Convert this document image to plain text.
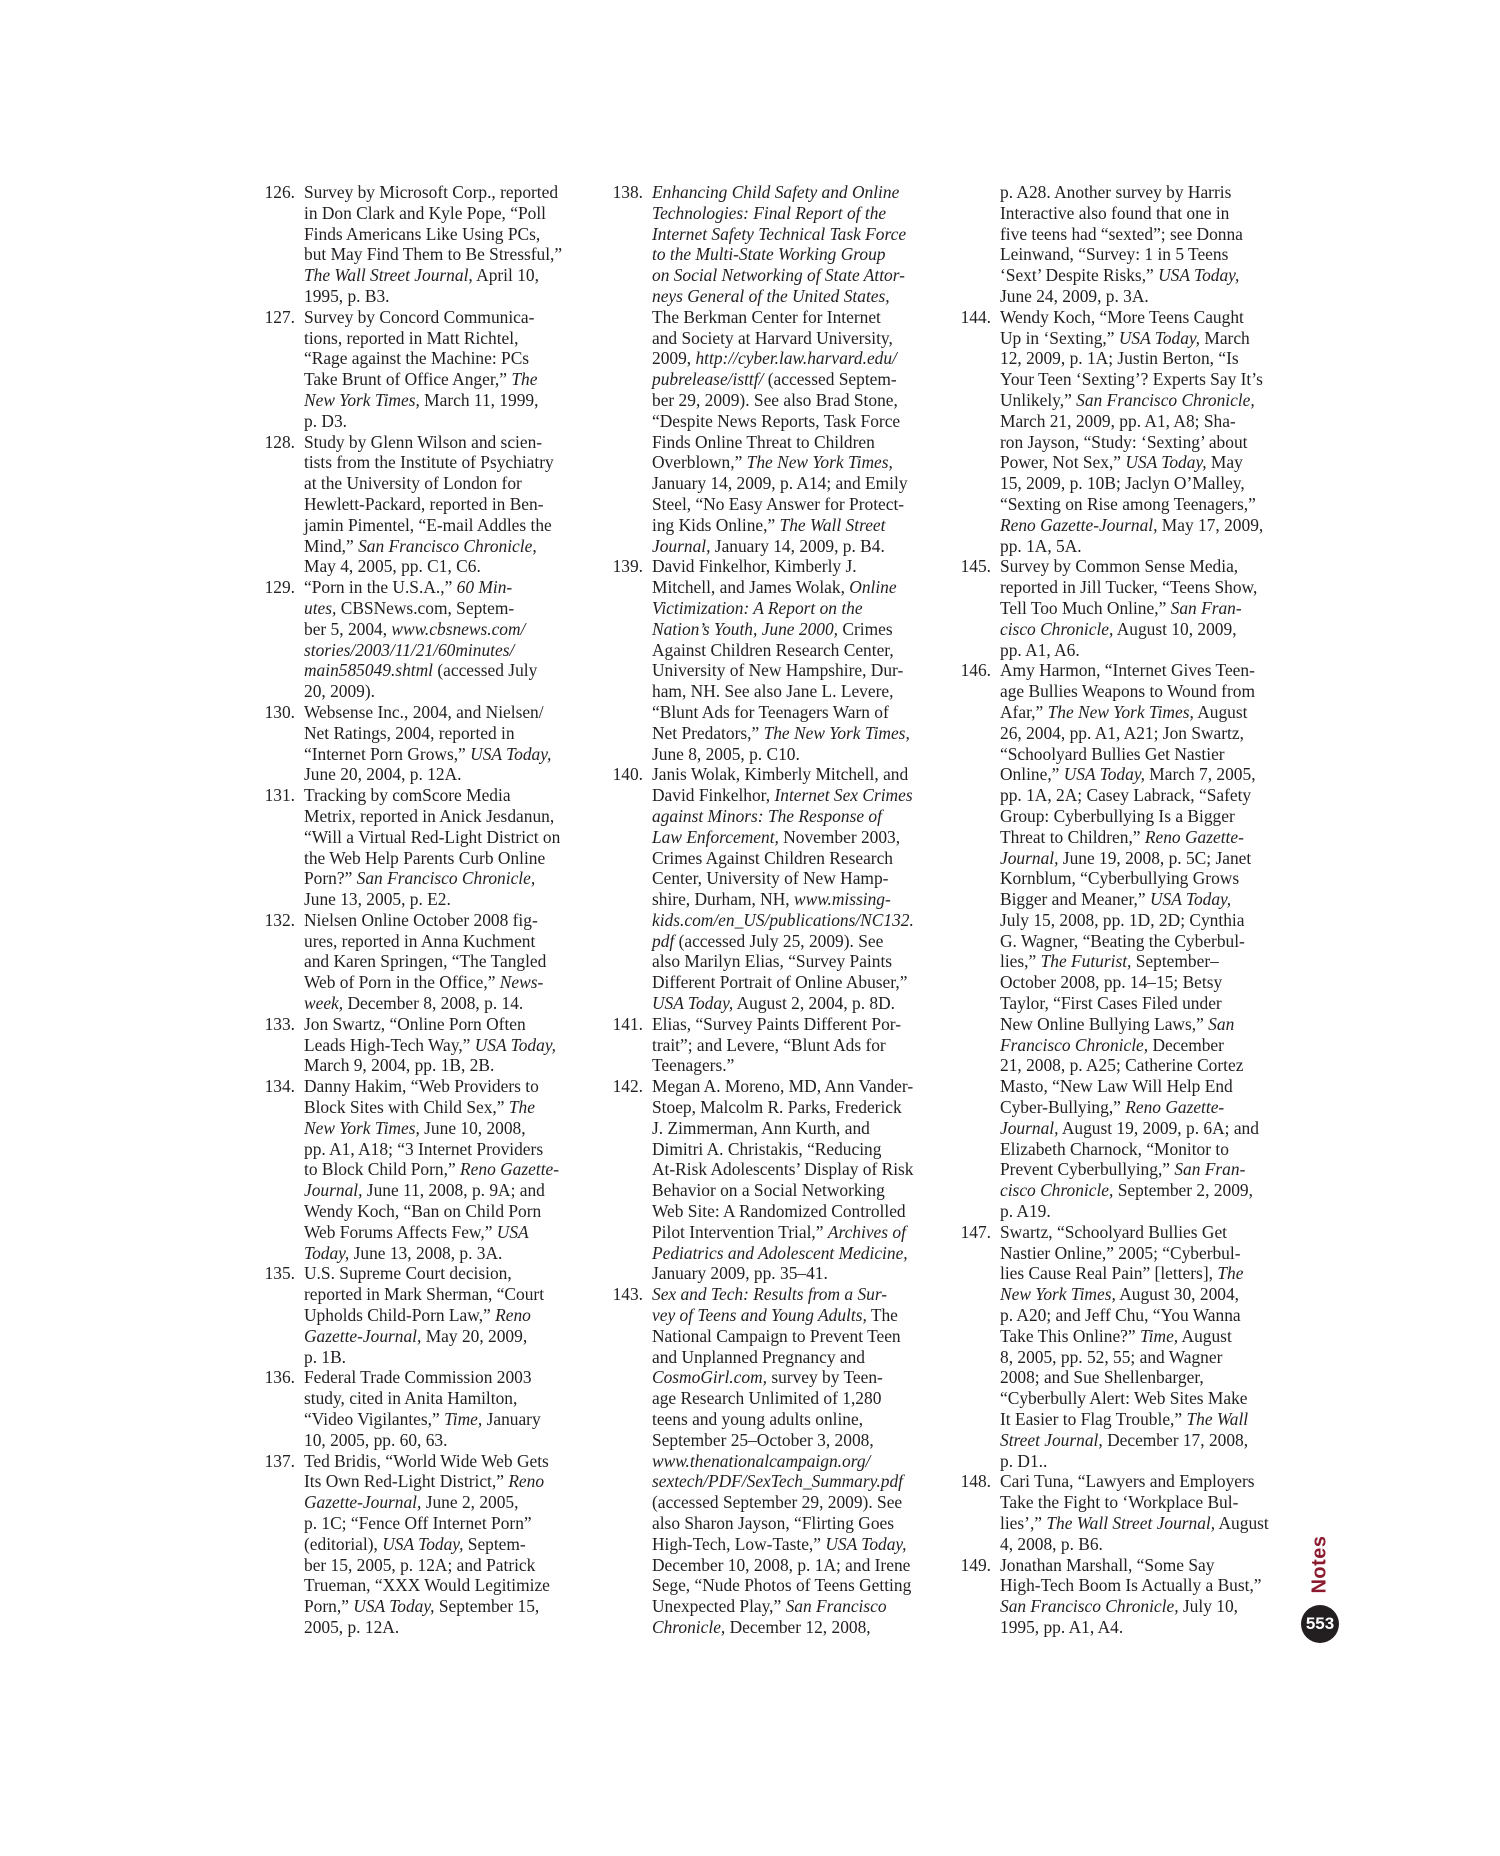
126. Survey by Microsoft Corp., reported
in Don Clark and Kyle Pope, “Poll
Finds Americans Like Using PCs,
but May Find Them to Be Stressful,”
The Wall Street Journal, April 10,
1995, p. B3.
127. Survey by Concord Communica-
tions, reported in Matt Richtel,
“Rage against the Machine: PCs
Take Brunt of Office Anger,” The
New York Times, March 11, 1999,
p. D3.
128. Study by Glenn Wilson and scien-
tists from the Institute of Psychiatry
at the University of London for
Hewlett-Packard, reported in Ben-
jamin Pimentel, “E-mail Addles the
Mind,” San Francisco Chronicle,
May 4, 2005, pp. C1, C6.
129. “Porn in the U.S.A.,” 60 Min-
utes, CBSNews.com, Septem-
ber 5, 2004, www.cbsnews.com/
stories/2003/11/21/60minutes/
main585049.shtml (accessed July
20, 2009).
130. Websense Inc., 2004, and Nielsen/
Net Ratings, 2004, reported in
“Internet Porn Grows,” USA Today,
June 20, 2004, p. 12A.
131. Tracking by comScore Media
Metrix, reported in Anick Jesdanun,
“Will a Virtual Red-Light District on
the Web Help Parents Curb Online
Porn?” San Francisco Chronicle,
June 13, 2005, p. E2.
132. Nielsen Online October 2008 fig-
ures, reported in Anna Kuchment
and Karen Springen, “The Tangled
Web of Porn in the Office,” News-
week, December 8, 2008, p. 14.
133. Jon Swartz, “Online Porn Often
Leads High-Tech Way,” USA Today,
March 9, 2004, pp. 1B, 2B.
134. Danny Hakim, “Web Providers to
Block Sites with Child Sex,” The
New York Times, June 10, 2008,
pp. A1, A18; “3 Internet Providers
to Block Child Porn,” Reno Gazette-
Journal, June 11, 2008, p. 9A; and
Wendy Koch, “Ban on Child Porn
Web Forums Affects Few,” USA
Today, June 13, 2008, p. 3A.
135. U.S. Supreme Court decision,
reported in Mark Sherman, “Court
Upholds Child-Porn Law,” Reno
Gazette-Journal, May 20, 2009,
p. 1B.
136. Federal Trade Commission 2003
study, cited in Anita Hamilton,
“Video Vigilantes,” Time, January
10, 2005, pp. 60, 63.
137. Ted Bridis, “World Wide Web Gets
Its Own Red-Light District,” Reno
Gazette-Journal, June 2, 2005,
p. 1C; “Fence Off Internet Porn”
(editorial), USA Today, Septem-
ber 15, 2005, p. 12A; and Patrick
Trueman, “XXX Would Legitimize
Porn,” USA Today, September 15,
2005, p. 12A.
138. Enhancing Child Safety and Online
Technologies: Final Report of the
Internet Safety Technical Task Force
to the Multi-State Working Group
on Social Networking of State Attor-
neys General of the United States,
The Berkman Center for Internet
and Society at Harvard University,
2009, http://cyber.law.harvard.edu/
pubrelease/isttf/ (accessed Septem-
ber 29, 2009). See also Brad Stone,
“Despite News Reports, Task Force
Finds Online Threat to Children
Overblown,” The New York Times,
January 14, 2009, p. A14; and Emily
Steel, “No Easy Answer for Protect-
ing Kids Online,” The Wall Street
Journal, January 14, 2009, p. B4.
139. David Finkelhor, Kimberly J.
Mitchell, and James Wolak, Online
Victimization: A Report on the
Nation’s Youth, June 2000, Crimes
Against Children Research Center,
University of New Hampshire, Dur-
ham, NH. See also Jane L. Levere,
“Blunt Ads for Teenagers Warn of
Net Predators,” The New York Times,
June 8, 2005, p. C10.
140. Janis Wolak, Kimberly Mitchell, and
David Finkelhor, Internet Sex Crimes
against Minors: The Response of
Law Enforcement, November 2003,
Crimes Against Children Research
Center, University of New Hamp-
shire, Durham, NH, www.missing-
kids.com/en_US/publications/NC132.
pdf (accessed July 25, 2009). See
also Marilyn Elias, “Survey Paints
Different Portrait of Online Abuser,”
USA Today, August 2, 2004, p. 8D.
141. Elias, “Survey Paints Different Por-
trait”; and Levere, “Blunt Ads for
Teenagers.”
142. Megan A. Moreno, MD, Ann Vander-
Stoep, Malcolm R. Parks, Frederick
J. Zimmerman, Ann Kurth, and
Dimitri A. Christakis, “Reducing
At-Risk Adolescents’ Display of Risk
Behavior on a Social Networking
Web Site: A Randomized Controlled
Pilot Intervention Trial,” Archives of
Pediatrics and Adolescent Medicine,
January 2009, pp. 35–41.
143. Sex and Tech: Results from a Sur-
vey of Teens and Young Adults, The
National Campaign to Prevent Teen
and Unplanned Pregnancy and
CosmoGirl.com, survey by Teen-
age Research Unlimited of 1,280
teens and young adults online,
September 25–October 3, 2008,
www.thenationalcampaign.org/
sextech/PDF/SexTech_Summary.pdf
(accessed September 29, 2009). See
also Sharon Jayson, “Flirting Goes
High-Tech, Low-Taste,” USA Today,
December 10, 2008, p. 1A; and Irene
Sege, “Nude Photos of Teens Getting
Unexpected Play,” San Francisco
Chronicle, December 12, 2008,
p. A28. Another survey by Harris
Interactive also found that one in
five teens had “sexted”; see Donna
Leinwand, “Survey: 1 in 5 Teens
‘Sext’ Despite Risks,” USA Today,
June 24, 2009, p. 3A.
144. Wendy Koch, “More Teens Caught
Up in ‘Sexting,” USA Today, March
12, 2009, p. 1A; Justin Berton, “Is
Your Teen ‘Sexting’? Experts Say It’s
Unlikely,” San Francisco Chronicle,
March 21, 2009, pp. A1, A8; Sha-
ron Jayson, “Study: ‘Sexting’ about
Power, Not Sex,” USA Today, May
15, 2009, p. 10B; Jaclyn O’Malley,
“Sexting on Rise among Teenagers,”
Reno Gazette-Journal, May 17, 2009,
pp. 1A, 5A.
145. Survey by Common Sense Media,
reported in Jill Tucker, “Teens Show,
Tell Too Much Online,” San Fran-
cisco Chronicle, August 10, 2009,
pp. A1, A6.
146. Amy Harmon, “Internet Gives Teen-
age Bullies Weapons to Wound from
Afar,” The New York Times, August
26, 2004, pp. A1, A21; Jon Swartz,
“Schoolyard Bullies Get Nastier
Online,” USA Today, March 7, 2005,
pp. 1A, 2A; Casey Labrack, “Safety
Group: Cyberbullying Is a Bigger
Threat to Children,” Reno Gazette-
Journal, June 19, 2008, p. 5C; Janet
Kornblum, “Cyberbullying Grows
Bigger and Meaner,” USA Today,
July 15, 2008, pp. 1D, 2D; Cynthia
G. Wagner, “Beating the Cyberbul-
lies,” The Futurist, September–
October 2008, pp. 14–15; Betsy
Taylor, “First Cases Filed under
New Online Bullying Laws,” San
Francisco Chronicle, December
21, 2008, p. A25; Catherine Cortez
Masto, “New Law Will Help End
Cyber-Bullying,” Reno Gazette-
Journal, August 19, 2009, p. 6A; and
Elizabeth Charnock, “Monitor to
Prevent Cyberbullying,” San Fran-
cisco Chronicle, September 2, 2009,
p. A19.
147. Swartz, “Schoolyard Bullies Get
Nastier Online,” 2005; “Cyberbul-
lies Cause Real Pain” [letters], The
New York Times, August 30, 2004,
p. A20; and Jeff Chu, “You Wanna
Take This Online?” Time, August
8, 2005, pp. 52, 55; and Wagner
2008; and Sue Shellenbarger,
“Cyberbully Alert: Web Sites Make
It Easier to Flag Trouble,” The Wall
Street Journal, December 17, 2008,
p. D1..
148. Cari Tuna, “Lawyers and Employers
Take the Fight to ‘Workplace Bul-
lies’,” The Wall Street Journal, August
4, 2008, p. B6.
149. Jonathan Marshall, “Some Say
High-Tech Boom Is Actually a Bust,”
San Francisco Chronicle, July 10,
1995, pp. A1, A4.
Notes
553
